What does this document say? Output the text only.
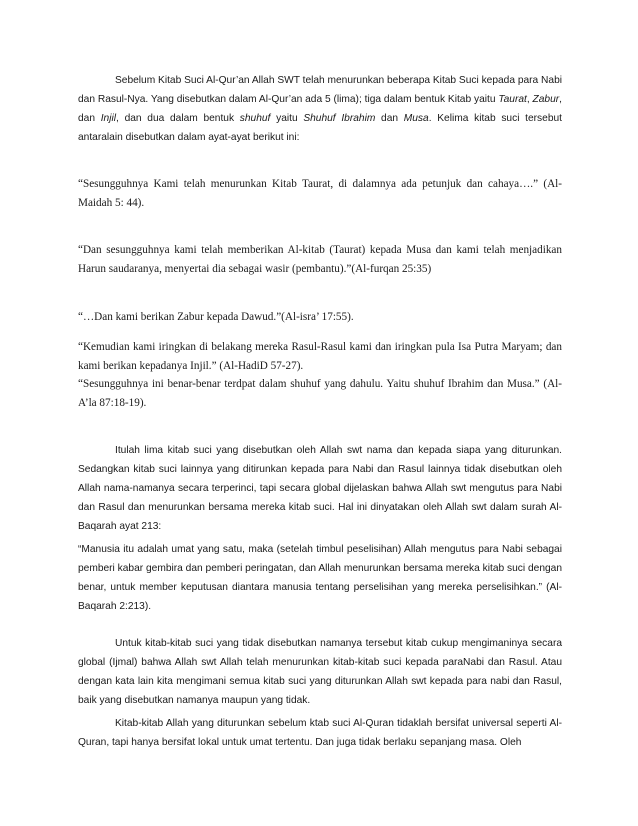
Sebelum Kitab Suci Al-Qur’an Allah SWT telah menurunkan beberapa Kitab Suci kepada para Nabi dan Rasul-Nya. Yang disebutkan dalam Al-Qur’an ada 5 (lima); tiga dalam bentuk Kitab yaitu Taurat, Zabur, dan Injil, dan dua dalam bentuk shuhuf yaitu Shuhuf Ibrahim dan Musa. Kelima kitab suci tersebut antaralain disebutkan dalam ayat-ayat berikut ini:

“Sesungguhnya Kami telah menurunkan Kitab Taurat, di dalamnya ada petunjuk dan cahaya….” (Al-Maidah 5: 44).

“Dan sesungguhnya kami telah memberikan Al-kitab (Taurat) kepada Musa dan kami telah menjadikan Harun saudaranya, menyertai dia sebagai wasir (pembantu).”(Al-furqan 25:35)

“…Dan kami berikan Zabur kepada Dawud.”(Al-isra’ 17:55).

“Kemudian kami iringkan di belakang mereka Rasul-Rasul kami dan iringkan pula Isa Putra Maryam; dan kami berikan kepadanya Injil.” (Al-HadiD 57-27).

“Sesungguhnya ini benar-benar terdpat dalam shuhuf yang dahulu. Yaitu shuhuf Ibrahim dan Musa.” (Al-A’la 87:18-19).

Itulah lima kitab suci yang disebutkan oleh Allah swt nama dan kepada siapa yang diturunkan. Sedangkan kitab suci lainnya yang ditirunkan kepada para Nabi dan Rasul lainnya tidak disebutkan oleh Allah nama-namanya secara terperinci, tapi secara global dijelaskan bahwa Allah swt mengutus para Nabi dan Rasul dan menurunkan bersama mereka kitab suci. Hal ini dinyatakan oleh Allah swt dalam surah Al-Baqarah ayat 213:

“Manusia itu adalah umat yang satu, maka (setelah timbul peselisihan) Allah mengutus para Nabi sebagai pemberi kabar gembira dan pemberi peringatan, dan Allah menurunkan bersama mereka kitab suci dengan benar, untuk member keputusan diantara manusia tentang perselisihan yang mereka perselisihkan.” (Al-Baqarah 2:213).

Untuk kitab-kitab suci yang tidak disebutkan namanya tersebut kitab cukup mengimaninya secara global (Ijmal) bahwa Allah swt Allah telah menurunkan kitab-kitab suci kepada paraNabi dan Rasul. Atau dengan kata lain kita mengimani semua kitab suci yang diturunkan Allah swt kepada para nabi dan Rasul, baik yang disebutkan namanya maupun yang tidak.

Kitab-kitab Allah yang diturunkan sebelum ktab suci Al-Quran tidaklah bersifat universal seperti Al-Quran, tapi hanya bersifat lokal untuk umat tertentu. Dan juga tidak berlaku sepanjang masa. Oleh
